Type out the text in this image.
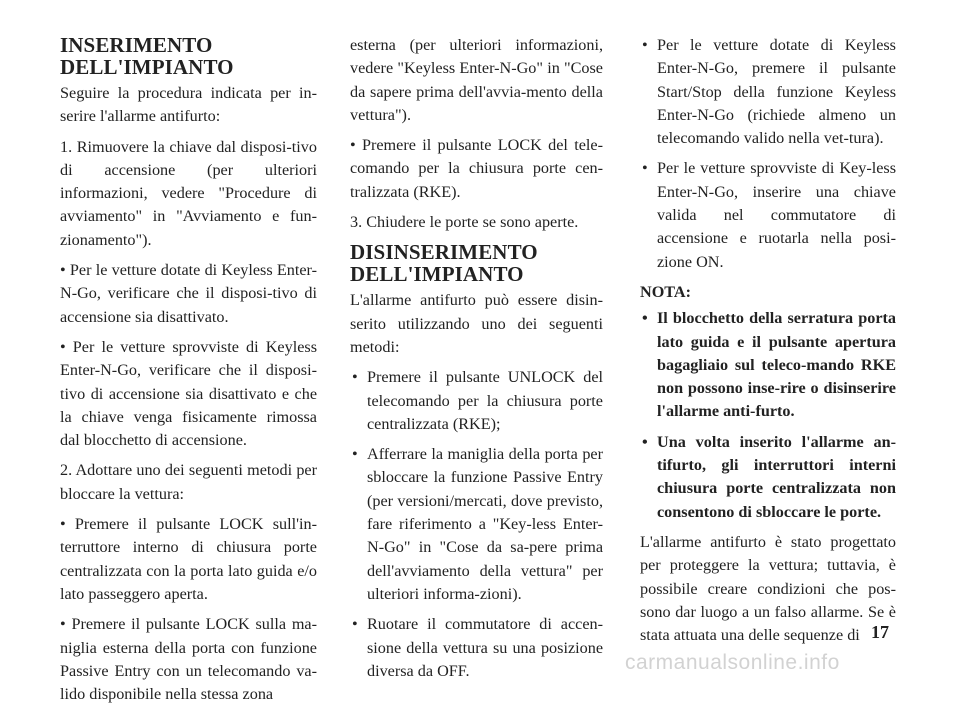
INSERIMENTO DELL'IMPIANTO

Seguire la procedura indicata per in-serire l'allarme antifurto:

1. Rimuovere la chiave dal disposi-tivo di accensione (per ulteriori informazioni, vedere "Procedure di avviamento" in "Avviamento e fun-zionamento").

• Per le vetture dotate di Keyless Enter-N-Go, verificare che il disposi-tivo di accensione sia disattivato.

• Per le vetture sprovviste di Keyless Enter-N-Go, verificare che il disposi-tivo di accensione sia disattivato e che la chiave venga fisicamente rimossa dal blocchetto di accensione.

2. Adottare uno dei seguenti metodi per bloccare la vettura:

• Premere il pulsante LOCK sull'in-terruttore interno di chiusura porte centralizzata con la porta lato guida e/o lato passeggero aperta.

• Premere il pulsante LOCK sulla ma-niglia esterna della porta con funzione Passive Entry con un telecomando va-lido disponibile nella stessa zona

esterna (per ulteriori informazioni, vedere "Keyless Enter-N-Go" in "Cose da sapere prima dell'avvia-mento della vettura").

• Premere il pulsante LOCK del tele-comando per la chiusura porte cen-tralizzata (RKE).

3. Chiudere le porte se sono aperte.

DISINSERIMENTO DELL'IMPIANTO

L'allarme antifurto può essere disin-serito utilizzando uno dei seguenti metodi:

• Premere il pulsante UNLOCK del telecomando per la chiusura porte centralizzata (RKE);
• Afferrare la maniglia della porta per sbloccare la funzione Passive Entry (per versioni/mercati, dove previsto, fare riferimento a "Key-less Enter-N-Go" in "Cose da sa-pere prima dell'avviamento della vettura" per ulteriori informa-zioni).
• Ruotare il commutatore di accen-sione della vettura su una posizione diversa da OFF.
• Per le vetture dotate di Keyless Enter-N-Go, premere il pulsante Start/Stop della funzione Keyless Enter-N-Go (richiede almeno un telecomando valido nella vet-tura).
• Per le vetture sprovviste di Key-less Enter-N-Go, inserire una chiave valida nel commutatore di accensione e ruotarla nella posi-zione ON.
NOTA:
• Il blocchetto della serratura porta lato guida e il pulsante apertura bagagliaio sul teleco-mando RKE non possono inse-rire o disinserire l'allarme anti-furto.
• Una volta inserito l'allarme an-tifurto, gli interruttori interni chiusura porte centralizzata non consentono di sbloccare le porte.

L'allarme antifurto è stato progettato per proteggere la vettura; tuttavia, è possibile creare condizioni che pos-sono dar luogo a un falso allarme. Se è stata attuata una delle sequenze di 17
carmanualsonline.info
